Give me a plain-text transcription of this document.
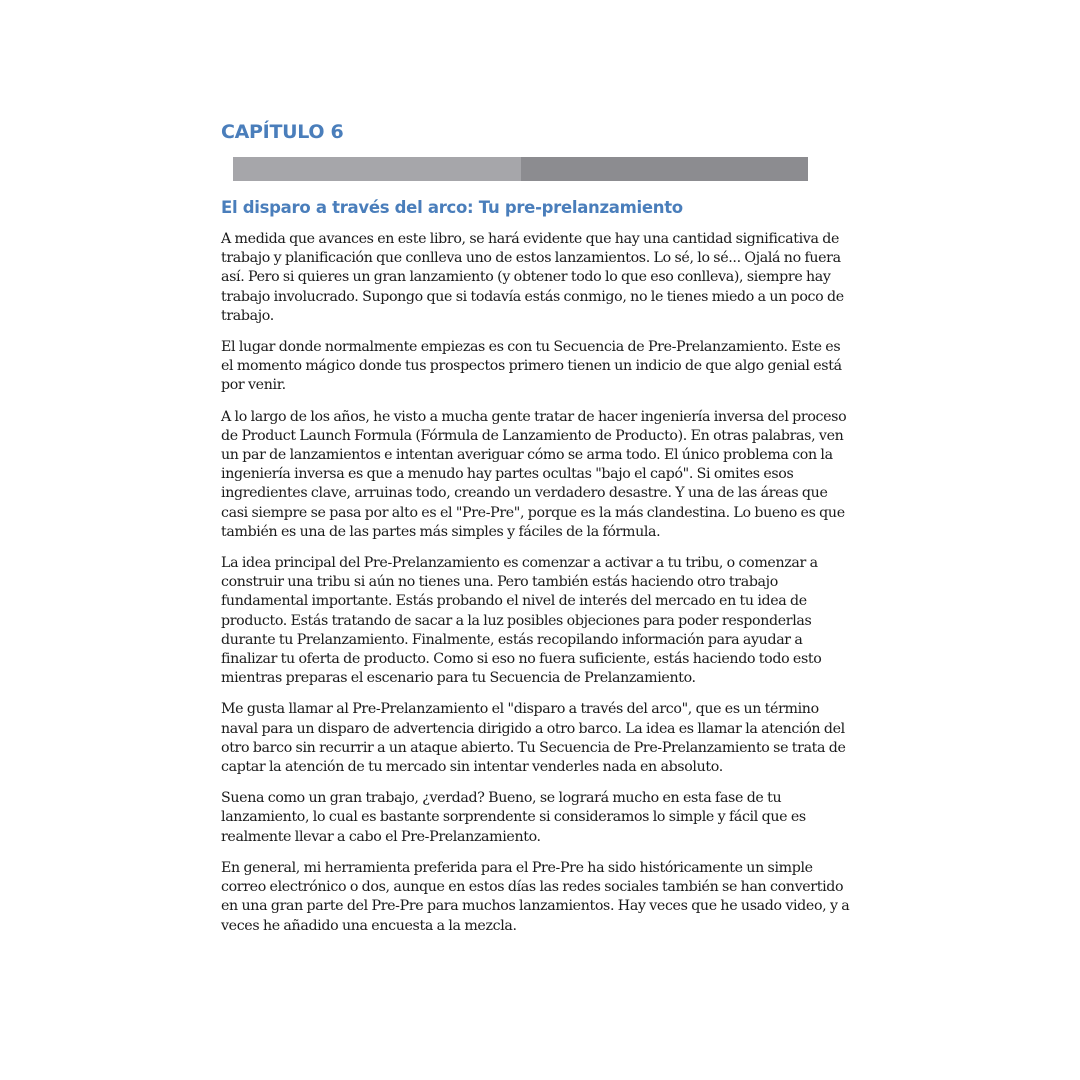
CAPÍTULO 6
El disparo a través del arco: Tu pre-prelanzamiento

A medida que avances en este libro, se hará evidente que hay una cantidad significativa de
trabajo y planificación que conlleva uno de estos lanzamientos. Lo sé, lo sé... Ojalá no fuera
así. Pero si quieres un gran lanzamiento (y obtener todo lo que eso conlleva), siempre hay
trabajo involucrado. Supongo que si todavía estás conmigo, no le tienes miedo a un poco de
trabajo.

El lugar donde normalmente empiezas es con tu Secuencia de Pre-Prelanzamiento. Este es
el momento mágico donde tus prospectos primero tienen un indicio de que algo genial está
por venir.

A lo largo de los años, he visto a mucha gente tratar de hacer ingeniería inversa del proceso
de Product Launch Formula (Fórmula de Lanzamiento de Producto). En otras palabras, ven
un par de lanzamientos e intentan averiguar cómo se arma todo. El único problema con la
ingeniería inversa es que a menudo hay partes ocultas "bajo el capó". Si omites esos
ingredientes clave, arruinas todo, creando un verdadero desastre. Y una de las áreas que
casi siempre se pasa por alto es el "Pre-Pre", porque es la más clandestina. Lo bueno es que
también es una de las partes más simples y fáciles de la fórmula.

La idea principal del Pre-Prelanzamiento es comenzar a activar a tu tribu, o comenzar a
construir una tribu si aún no tienes una. Pero también estás haciendo otro trabajo
fundamental importante. Estás probando el nivel de interés del mercado en tu idea de
producto. Estás tratando de sacar a la luz posibles objeciones para poder responderlas
durante tu Prelanzamiento. Finalmente, estás recopilando información para ayudar a
finalizar tu oferta de producto. Como si eso no fuera suficiente, estás haciendo todo esto
mientras preparas el escenario para tu Secuencia de Prelanzamiento.

Me gusta llamar al Pre-Prelanzamiento el "disparo a través del arco", que es un término
naval para un disparo de advertencia dirigido a otro barco. La idea es llamar la atención del
otro barco sin recurrir a un ataque abierto. Tu Secuencia de Pre-Prelanzamiento se trata de
captar la atención de tu mercado sin intentar venderles nada en absoluto.

Suena como un gran trabajo, ¿verdad? Bueno, se logrará mucho en esta fase de tu
lanzamiento, lo cual es bastante sorprendente si consideramos lo simple y fácil que es
realmente llevar a cabo el Pre-Prelanzamiento.

En general, mi herramienta preferida para el Pre-Pre ha sido históricamente un simple
correo electrónico o dos, aunque en estos días las redes sociales también se han convertido
en una gran parte del Pre-Pre para muchos lanzamientos. Hay veces que he usado video, y a
veces he añadido una encuesta a la mezcla.
